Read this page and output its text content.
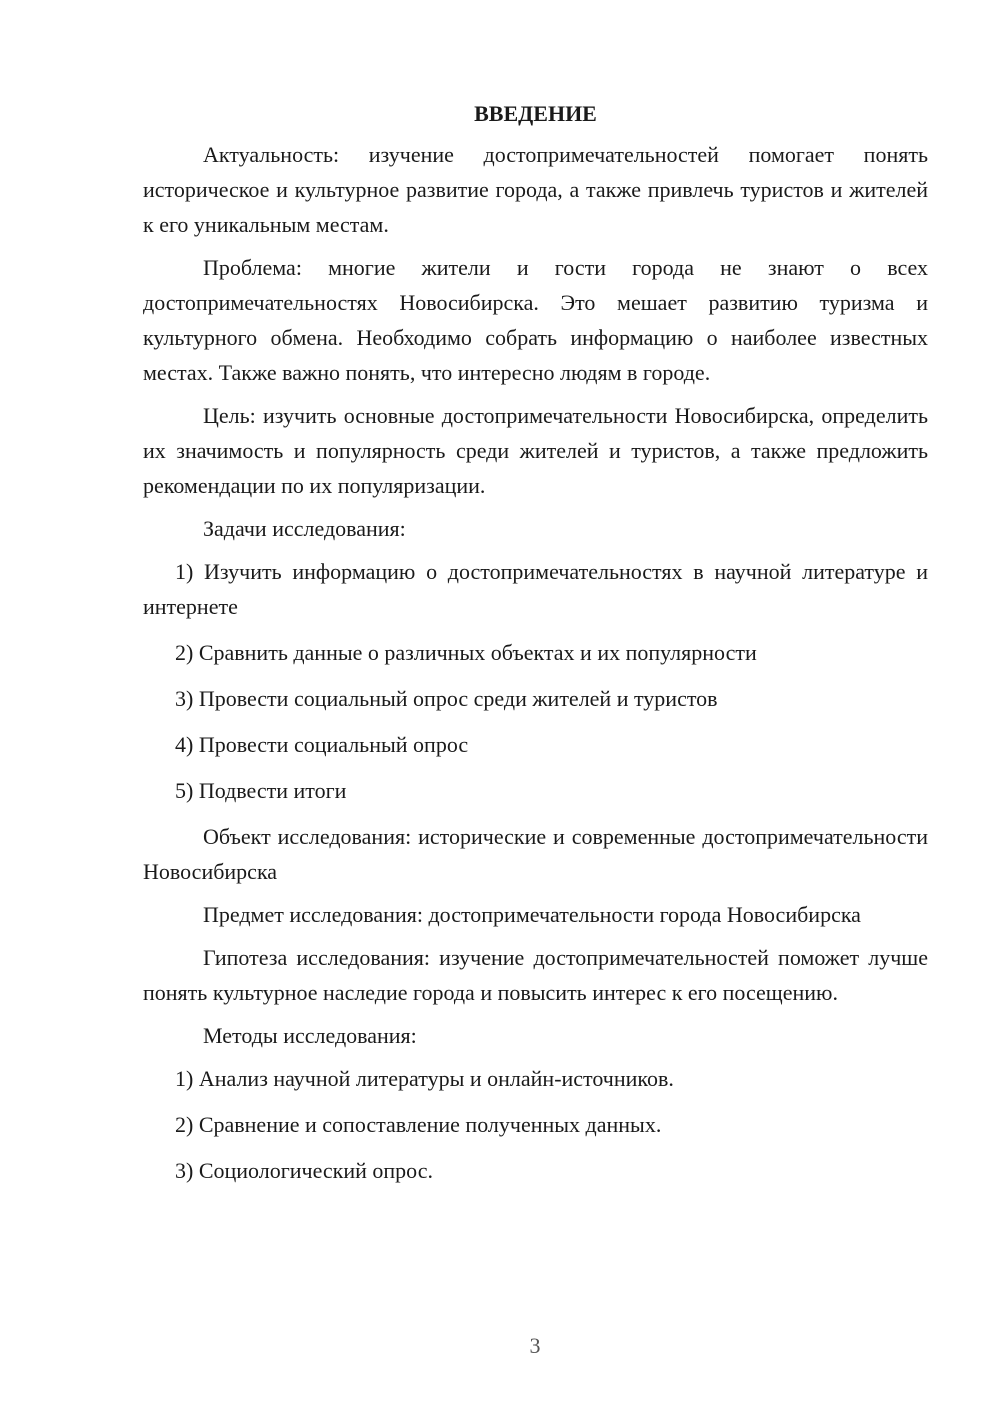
ВВЕДЕНИЕ
Актуальность: изучение достопримечательностей помогает понять историческое и культурное развитие города, а также привлечь туристов и жителей к его уникальным местам.
Проблема: многие жители и гости города не знают о всех достопримечательностях Новосибирска. Это мешает развитию туризма и культурного обмена. Необходимо собрать информацию о наиболее известных местах. Также важно понять, что интересно людям в городе.
Цель: изучить основные достопримечательности Новосибирска, определить их значимость и популярность среди жителей и туристов, а также предложить рекомендации по их популяризации.
Задачи исследования:
1) Изучить информацию о достопримечательностях в научной литературе и интернете
2) Сравнить данные о различных объектах и их популярности
3) Провести социальный опрос среди жителей и туристов
4) Провести социальный опрос
5) Подвести итоги
Объект исследования: исторические и современные достопримечательности Новосибирска
Предмет исследования: достопримечательности города Новосибирска
Гипотеза исследования: изучение достопримечательностей поможет лучше понять культурное наследие города и повысить интерес к его посещению.
Методы исследования:
1) Анализ научной литературы и онлайн-источников.
2) Сравнение и сопоставление полученных данных.
3) Социологический опрос.
3
